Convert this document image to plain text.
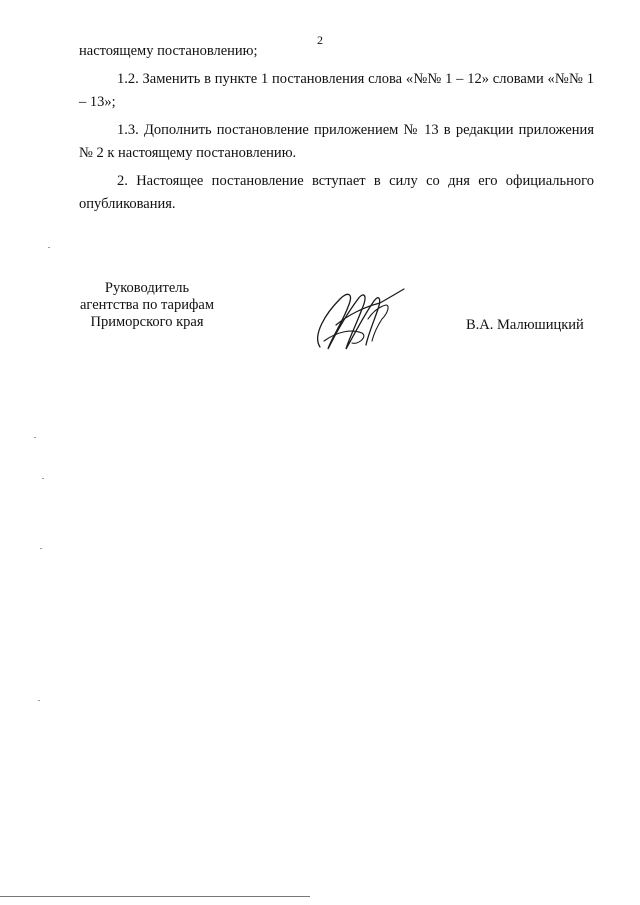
2

настоящему постановлению;

1.2. Заменить в пункте 1 постановления слова «№№ 1 – 12» словами «№№ 1 – 13»;

1.3. Дополнить постановление приложением № 13 в редакции приложения № 2 к настоящему постановлению.

2. Настоящее постановление вступает в силу со дня его официального опубликования.

Руководитель
агентства по тарифам
Приморского края	В.А. Малюшицкий
